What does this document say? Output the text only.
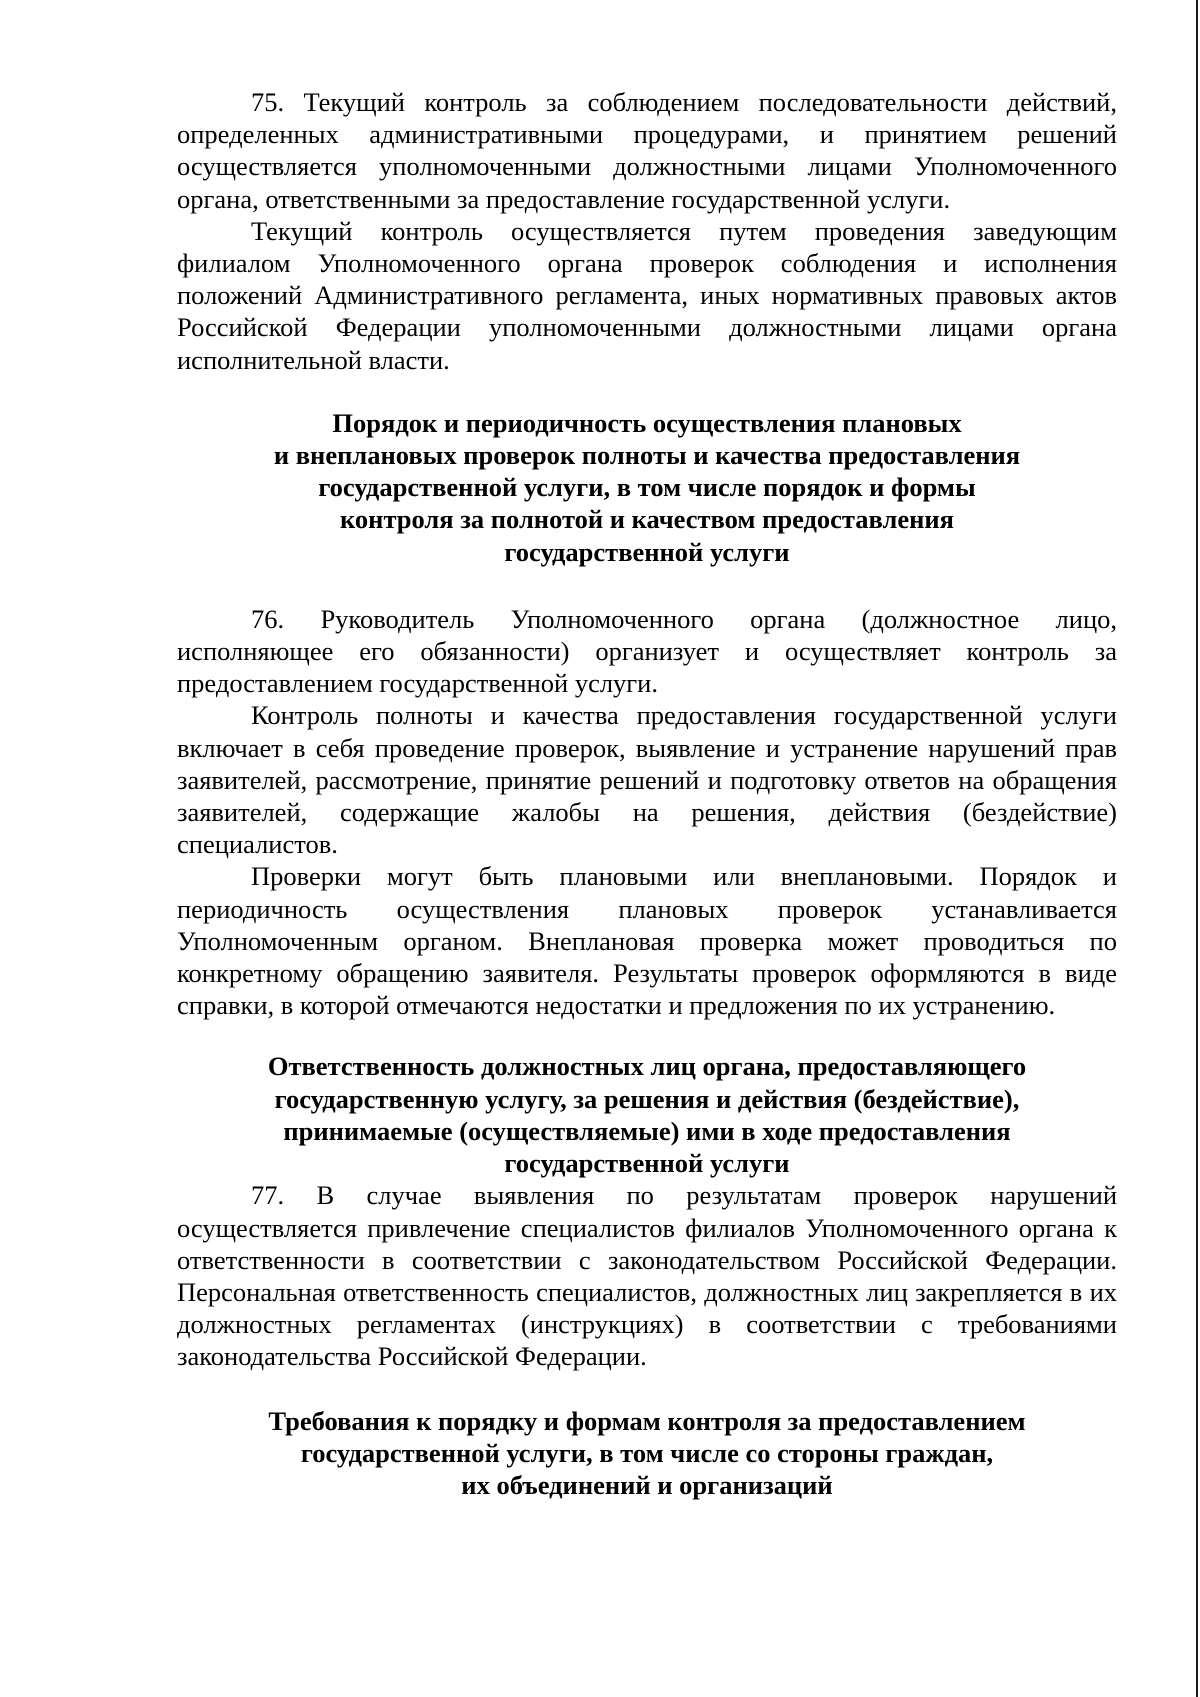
75. Текущий контроль за соблюдением последовательности действий, определенных административными процедурами, и принятием решений осуществляется уполномоченными должностными лицами Уполномоченного органа, ответственными за предоставление государственной услуги.

Текущий контроль осуществляется путем проведения заведующим филиалом Уполномоченного органа проверок соблюдения и исполнения положений Административного регламента, иных нормативных правовых актов Российской Федерации уполномоченными должностными лицами органа исполнительной власти.

Порядок и периодичность осуществления плановых
и внеплановых проверок полноты и качества предоставления
государственной услуги, в том числе порядок и формы
контроля за полнотой и качеством предоставления
государственной услуги

76. Руководитель Уполномоченного органа (должностное лицо, исполняющее его обязанности) организует и осуществляет контроль за предоставлением государственной услуги.

Контроль полноты и качества предоставления государственной услуги включает в себя проведение проверок, выявление и устранение нарушений прав заявителей, рассмотрение, принятие решений и подготовку ответов на обращения заявителей, содержащие жалобы на решения, действия (бездействие) специалистов.

Проверки могут быть плановыми или внеплановыми. Порядок и периодичность осуществления плановых проверок устанавливается Уполномоченным органом. Внеплановая проверка может проводиться по конкретному обращению заявителя. Результаты проверок оформляются в виде справки, в которой отмечаются недостатки и предложения по их устранению.

Ответственность должностных лиц органа, предоставляющего
государственную услугу, за решения и действия (бездействие),
принимаемые (осуществляемые) ими в ходе предоставления
государственной услуги

77. В случае выявления по результатам проверок нарушений осуществляется привлечение специалистов филиалов Уполномоченного органа к ответственности в соответствии с законодательством Российской Федерации. Персональная ответственность специалистов, должностных лиц закрепляется в их должностных регламентах (инструкциях) в соответствии с требованиями законодательства Российской Федерации.

Требования к порядку и формам контроля за предоставлением
государственной услуги, в том числе со стороны граждан,
их объединений и организаций
